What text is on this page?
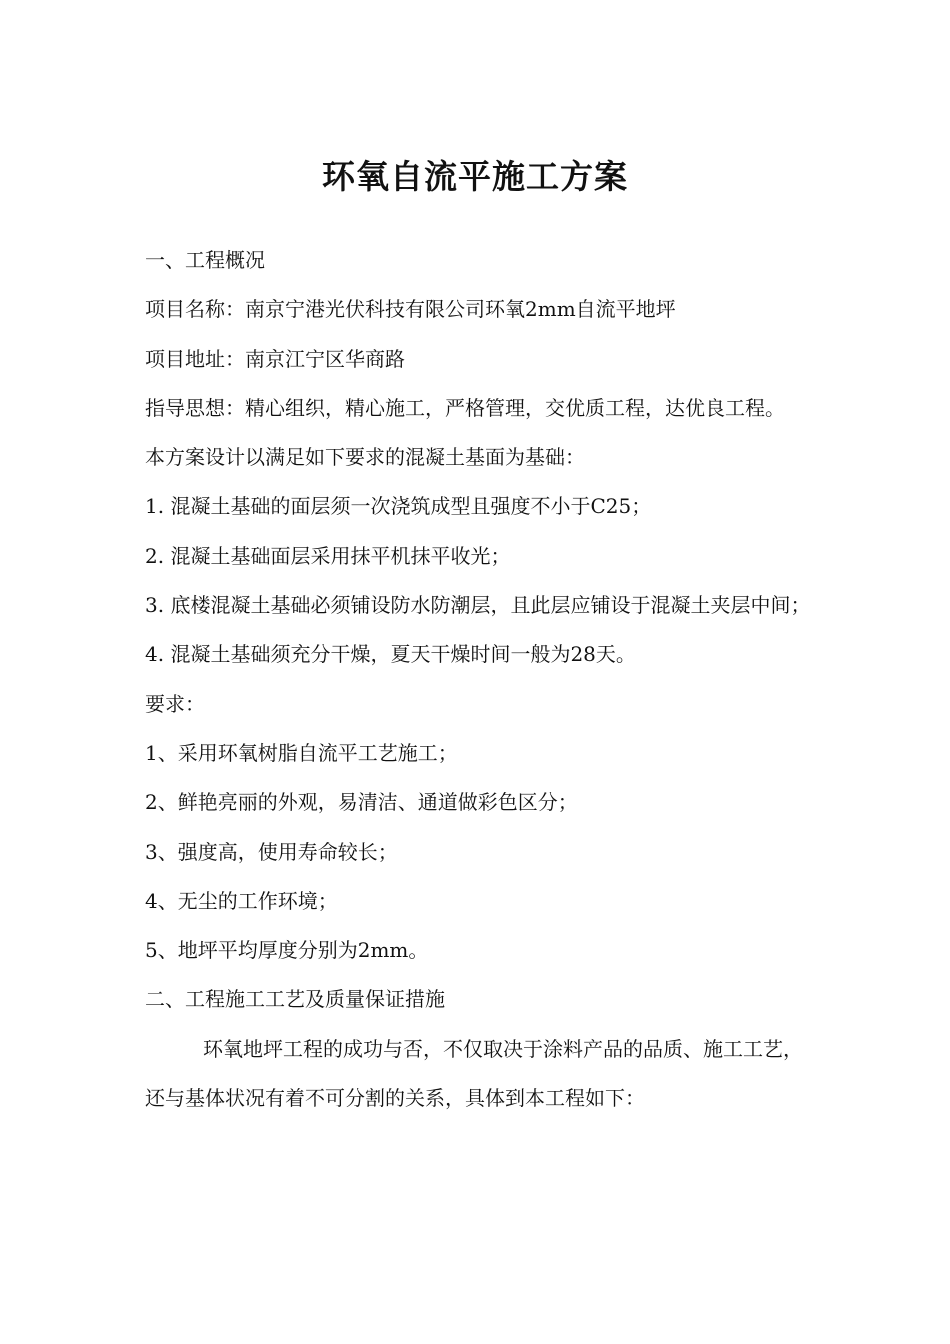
环氧自流平施工方案

一、工程概况

项目名称：南京宁港光伏科技有限公司环氧2mm自流平地坪

项目地址：南京江宁区华商路

指导思想：精心组织，精心施工，严格管理，交优质工程，达优良工程。

本方案设计以满足如下要求的混凝土基面为基础：

1. 混凝土基础的面层须一次浇筑成型且强度不小于C25；

2. 混凝土基础面层采用抹平机抹平收光；

3. 底楼混凝土基础必须铺设防水防潮层，且此层应铺设于混凝土夹层中间；

4. 混凝土基础须充分干燥，夏天干燥时间一般为28天。

要求：

1、采用环氧树脂自流平工艺施工；

2、鲜艳亮丽的外观，易清洁、通道做彩色区分；

3、强度高，使用寿命较长；

4、无尘的工作环境；

5、地坪平均厚度分别为2mm。

二、工程施工工艺及质量保证措施

环氧地坪工程的成功与否，不仅取决于涂料产品的品质、施工工艺，还与基体状况有着不可分割的关系，具体到本工程如下：
